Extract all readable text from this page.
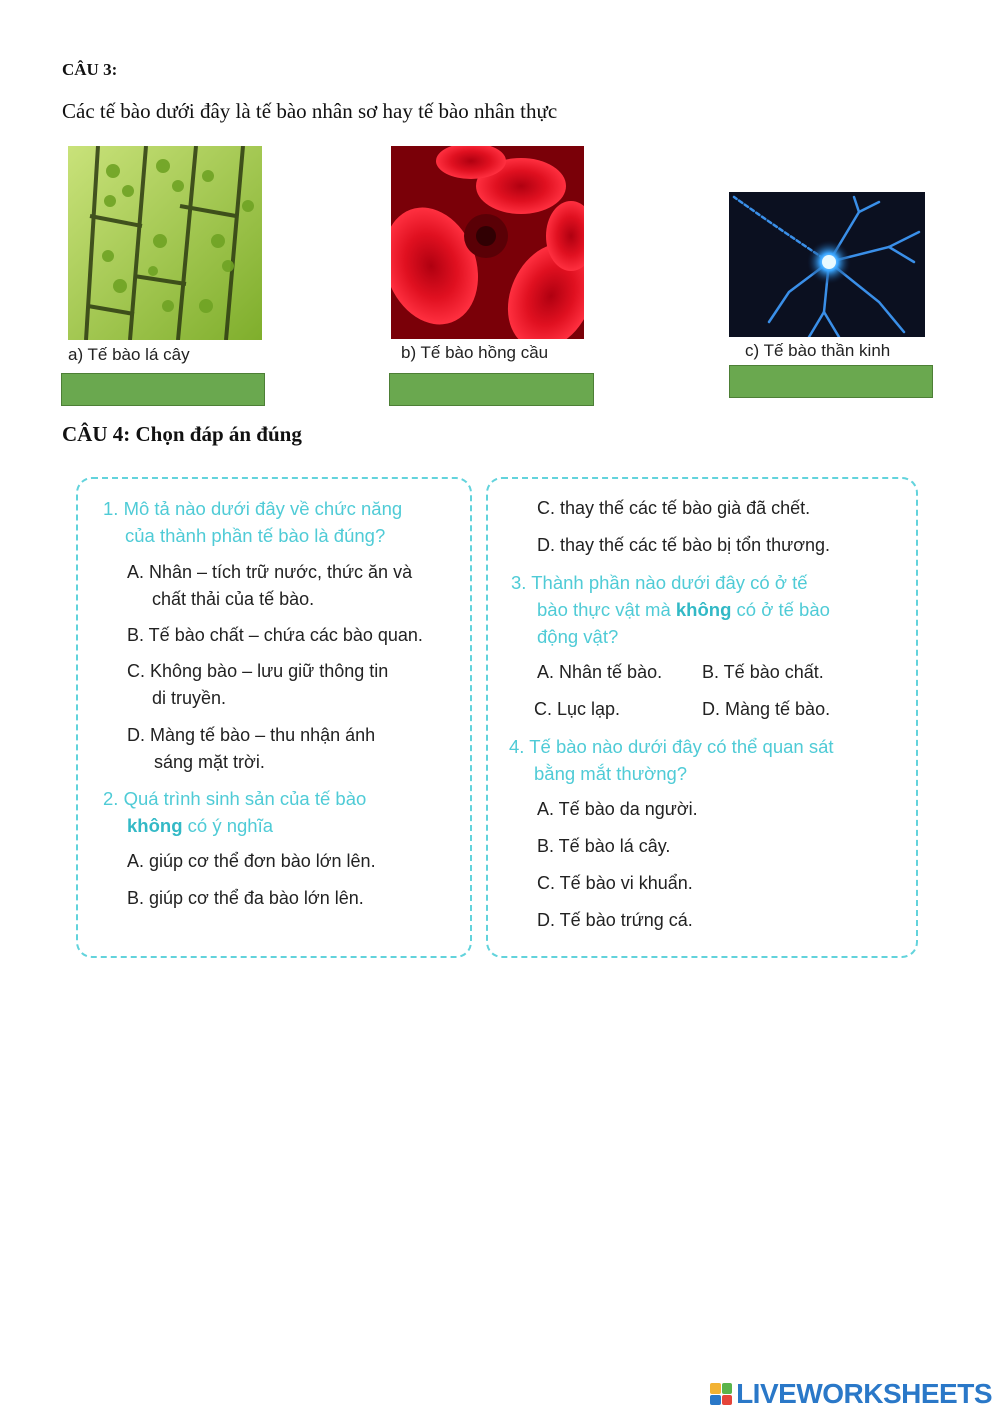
CÂU 3:
Các tế bào dưới đây là tế bào nhân sơ hay tế bào nhân thực
a) Tế bào lá cây	b) Tế bào hồng cầu	c) Tế bào thần kinh
CÂU 4: Chọn đáp án đúng
1. Mô tả nào dưới đây về chức năng
của thành phần tế bào là đúng?
A. Nhân – tích trữ nước, thức ăn và
chất thải của tế bào.
B. Tế bào chất – chứa các bào quan.
C. Không bào – lưu giữ thông tin
di truyền.
D. Màng tế bào – thu nhận ánh
sáng mặt trời.
2. Quá trình sinh sản của tế bào
không có ý nghĩa
A. giúp cơ thể đơn bào lớn lên.
B. giúp cơ thể đa bào lớn lên.
C. thay thế các tế bào già đã chết.
D. thay thế các tế bào bị tổn thương.
3. Thành phần nào dưới đây có ở tế
bào thực vật mà không có ở tế bào
động vật?
A. Nhân tế bào. B. Tế bào chất.
C. Lục lạp.	D. Màng tế bào.
4. Tế bào nào dưới đây có thể quan sát
bằng mắt thường?
A. Tế bào da người.
B. Tế bào lá cây.
C. Tế bào vi khuẩn.
D. Tế bào trứng cá.
LIVEWORKSHEETS
